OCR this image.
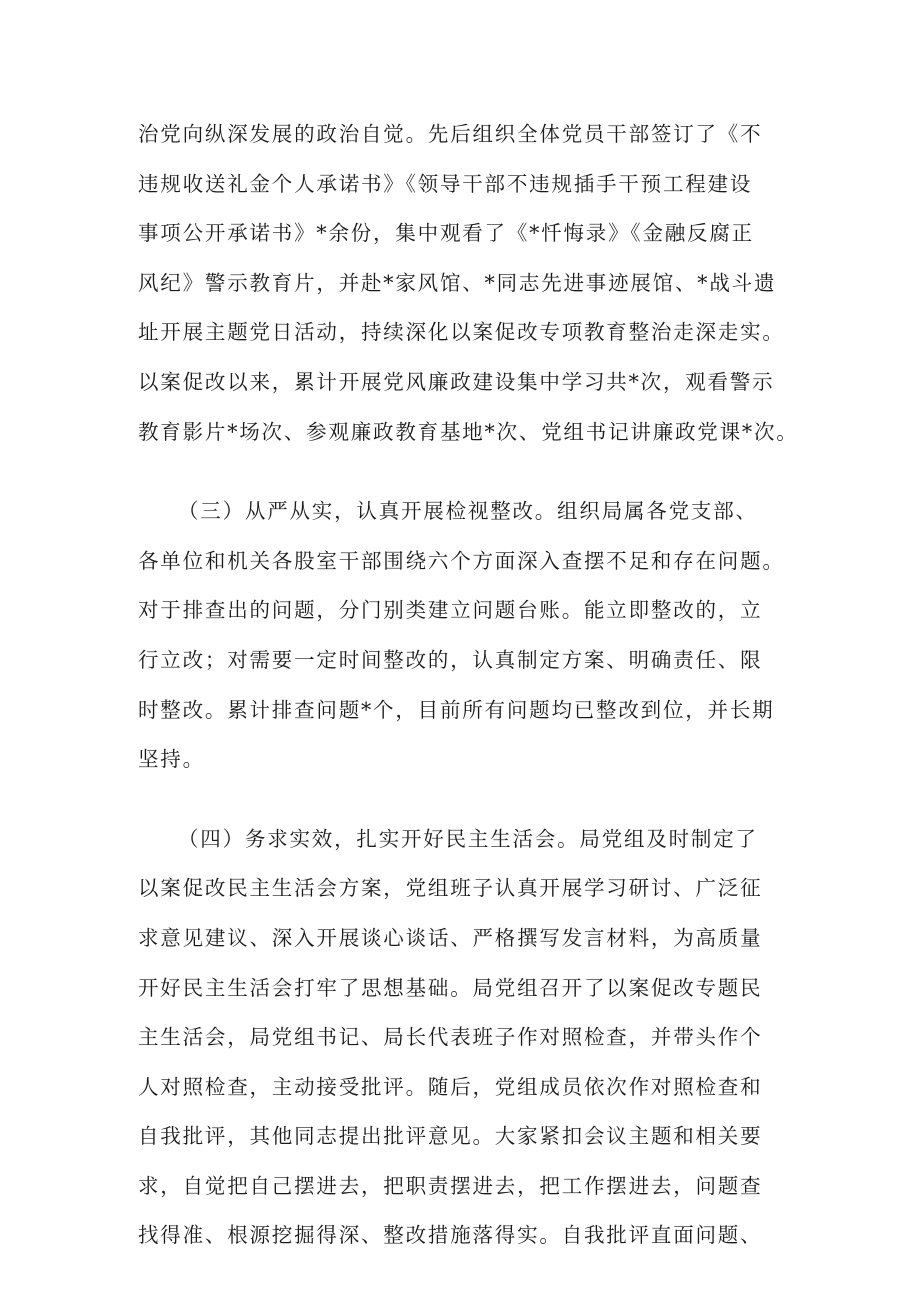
治党向纵深发展的政治自觉。先后组织全体党员干部签订了《不
违规收送礼金个人承诺书》《领导干部不违规插手干预工程建设
事项公开承诺书》*余份，集中观看了《*忏悔录》《金融反腐正
风纪》警示教育片，并赴*家风馆、*同志先进事迹展馆、*战斗遗
址开展主题党日活动，持续深化以案促改专项教育整治走深走实。
以案促改以来，累计开展党风廉政建设集中学习共*次，观看警示
教育影片*场次、参观廉政教育基地*次、党组书记讲廉政党课*次。
（三）从严从实，认真开展检视整改。组织局属各党支部、
各单位和机关各股室干部围绕六个方面深入查摆不足和存在问题。
对于排查出的问题，分门别类建立问题台账。能立即整改的，立
行立改；对需要一定时间整改的，认真制定方案、明确责任、限
时整改。累计排查问题*个，目前所有问题均已整改到位，并长期
坚持。
（四）务求实效，扎实开好民主生活会。局党组及时制定了
以案促改民主生活会方案，党组班子认真开展学习研讨、广泛征
求意见建议、深入开展谈心谈话、严格撰写发言材料，为高质量
开好民主生活会打牢了思想基础。局党组召开了以案促改专题民
主生活会，局党组书记、局长代表班子作对照检查，并带头作个
人对照检查，主动接受批评。随后，党组成员依次作对照检查和
自我批评，其他同志提出批评意见。大家紧扣会议主题和相关要
求，自觉把自己摆进去，把职责摆进去，把工作摆进去，问题查
找得准、根源挖掘得深、整改措施落得实。自我批评直面问题、
